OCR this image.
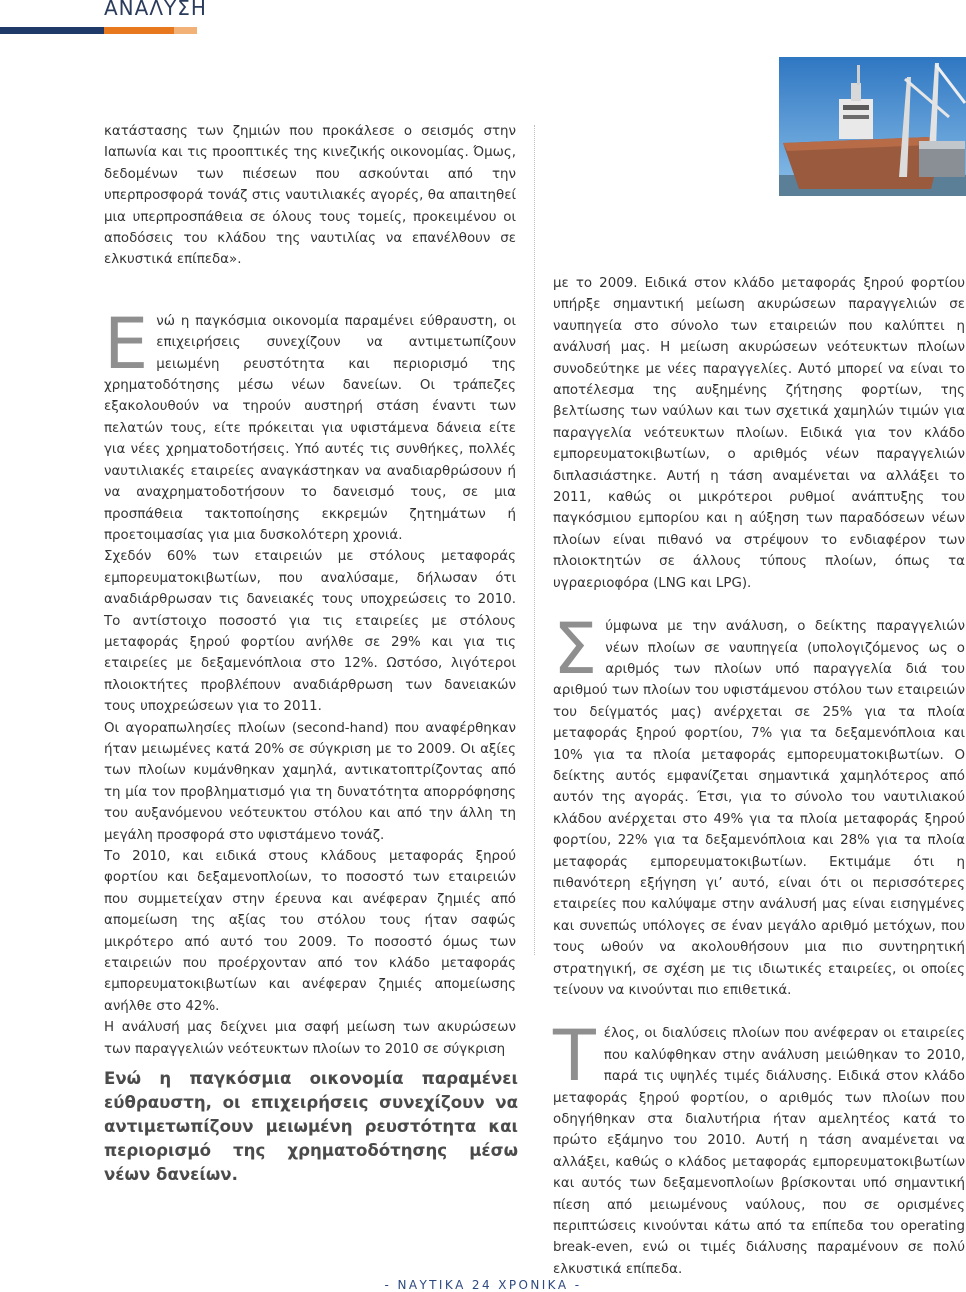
ΑΝΑΛΥΣΗ

κατάστασης των ζημιών που προκάλεσε ο σεισμός στην Ιαπωνία και τις προοπτικές της κινεζικής οικονομίας. Όμως, δεδομένων των πιέσεων που ασκούνται από την υπερπροσφορά τονάζ στις ναυτιλιακές αγορές, θα απαιτηθεί μια υπερπροσπάθεια σε όλους τους τομείς, προκειμένου οι αποδόσεις του κλάδου της ναυτιλίας να επανέλθουν σε ελκυστικά επίπεδα».

Ενώ η παγκόσμια οικονομία παραμένει εύθραυστη, οι επιχειρήσεις συνεχίζουν να αντιμετωπίζουν μειωμένη ρευστότητα και περιορισμό της χρηματοδότησης μέσω νέων δανείων. Οι τράπεζες εξακολουθούν να τηρούν αυστηρή στάση έναντι των πελατών τους, είτε πρόκειται για υφιστάμενα δάνεια είτε για νέες χρηματοδοτήσεις. Υπό αυτές τις συνθήκες, πολλές ναυτιλιακές εταιρείες αναγκάστηκαν να αναδιαρθρώσουν ή να αναχρηματοδοτήσουν το δανεισμό τους, σε μια προσπάθεια τακτοποίησης εκκρεμών ζητημάτων ή προετοιμασίας για μια δυσκολότερη χρονιά.

Σχεδόν 60% των εταιρειών με στόλους μεταφοράς εμπορευματοκιβωτίων, που αναλύσαμε, δήλωσαν ότι αναδιάρθρωσαν τις δανειακές τους υποχρεώσεις το 2010. Το αντίστοιχο ποσοστό για τις εταιρείες με στόλους μεταφοράς ξηρού φορτίου ανήλθε σε 29% και για τις εταιρείες με δεξαμενόπλοια στο 12%. Ωστόσο, λιγότεροι πλοιοκτήτες προβλέπουν αναδιάρθρωση των δανειακών τους υποχρεώσεων για το 2011.

Οι αγοραπωλησίες πλοίων (second-hand) που αναφέρθηκαν ήταν μειωμένες κατά 20% σε σύγκριση με το 2009. Οι αξίες των πλοίων κυμάνθηκαν χαμηλά, αντικατοπτρίζοντας από τη μία τον προβληματισμό για τη δυνατότητα απορρόφησης του αυξανόμενου νεότευκτου στόλου και από την άλλη τη μεγάλη προσφορά στο υφιστάμενο τονάζ.

Το 2010, και ειδικά στους κλάδους μεταφοράς ξηρού φορτίου και δεξαμενοπλοίων, το ποσοστό των εταιρειών που συμμετείχαν στην έρευνα και ανέφεραν ζημιές από απομείωση της αξίας του στόλου τους ήταν σαφώς μικρότερο από αυτό του 2009. Το ποσοστό όμως των εταιρειών που προέρχονταν από τον κλάδο μεταφοράς εμπορευματοκιβωτίων και ανέφεραν ζημιές απομείωσης ανήλθε στο 42%.

Η ανάλυσή μας δείχνει μια σαφή μείωση των ακυρώσεων των παραγγελιών νεότευκτων πλοίων το 2010 σε σύγκριση

Ενώ η παγκόσμια οικονομία παραμένει εύθραυστη, οι επιχειρήσεις συνεχίζουν να αντιμετωπίζουν μειωμένη ρευστότητα και περιορισμό της χρηματοδότησης μέσω νέων δανείων.

με το 2009. Ειδικά στον κλάδο μεταφοράς ξηρού φορτίου υπήρξε σημαντική μείωση ακυρώσεων παραγγελιών σε ναυπηγεία στο σύνολο των εταιρειών που καλύπτει η ανάλυσή μας. Η μείωση ακυρώσεων νεότευκτων πλοίων συνοδεύτηκε με νέες παραγγελίες. Αυτό μπορεί να είναι το αποτέλεσμα της αυξημένης ζήτησης φορτίων, της βελτίωσης των ναύλων και των σχετικά χαμηλών τιμών για παραγγελία νεότευκτων πλοίων. Ειδικά για τον κλάδο εμπορευματοκιβωτίων, ο αριθμός νέων παραγγελιών διπλασιάστηκε. Αυτή η τάση αναμένεται να αλλάξει το 2011, καθώς οι μικρότεροι ρυθμοί ανάπτυξης του παγκόσμιου εμπορίου και η αύξηση των παραδόσεων νέων πλοίων είναι πιθανό να στρέψουν το ενδιαφέρον των πλοιοκτητών σε άλλους τύπους πλοίων, όπως τα υγραεριοφόρα (LNG και LPG).

Σύμφωνα με την ανάλυση, ο δείκτης παραγγελιών νέων πλοίων σε ναυπηγεία (υπολογιζόμενος ως ο αριθμός των πλοίων υπό παραγγελία διά του αριθμού των πλοίων του υφιστάμενου στόλου των εταιρειών του δείγματός μας) ανέρχεται σε 25% για τα πλοία μεταφοράς ξηρού φορτίου, 7% για τα δεξαμενόπλοια και 10% για τα πλοία μεταφοράς εμπορευματοκιβωτίων. Ο δείκτης αυτός εμφανίζεται σημαντικά χαμηλότερος από αυτόν της αγοράς. Έτσι, για το σύνολο του ναυτιλιακού κλάδου ανέρχεται στο 49% για τα πλοία μεταφοράς ξηρού φορτίου, 22% για τα δεξαμενόπλοια και 28% για τα πλοία μεταφοράς εμπορευματοκιβωτίων. Εκτιμάμε ότι η πιθανότερη εξήγηση γι’ αυτό, είναι ότι οι περισσότερες εταιρείες που καλύψαμε στην ανάλυσή μας είναι εισηγμένες και συνεπώς υπόλογες σε έναν μεγάλο αριθμό μετόχων, που τους ωθούν να ακολουθήσουν μια πιο συντηρητική στρατηγική, σε σχέση με τις ιδιωτικές εταιρείες, οι οποίες τείνουν να κινούνται πιο επιθετικά.

Τέλος, οι διαλύσεις πλοίων που ανέφεραν οι εταιρείες που καλύφθηκαν στην ανάλυση μειώθηκαν το 2010, παρά τις υψηλές τιμές διάλυσης. Ειδικά στον κλάδο μεταφοράς ξηρού φορτίου, ο αριθμός των πλοίων που οδηγήθηκαν στα διαλυτήρια ήταν αμελητέος κατά το πρώτο εξάμηνο του 2010. Αυτή η τάση αναμένεται να αλλάξει, καθώς ο κλάδος μεταφοράς εμπορευματοκιβωτίων και αυτός των δεξαμενοπλοίων βρίσκονται υπό σημαντική πίεση από μειωμένους ναύλους, που σε ορισμένες περιπτώσεις κινούνται κάτω από τα επίπεδα του operating break-even, ενώ οι τιμές διάλυσης παραμένουν σε πολύ ελκυστικά επίπεδα.

- ΝΑΥΤΙΚΑ 24 ΧΡΟΝΙΚΑ -
